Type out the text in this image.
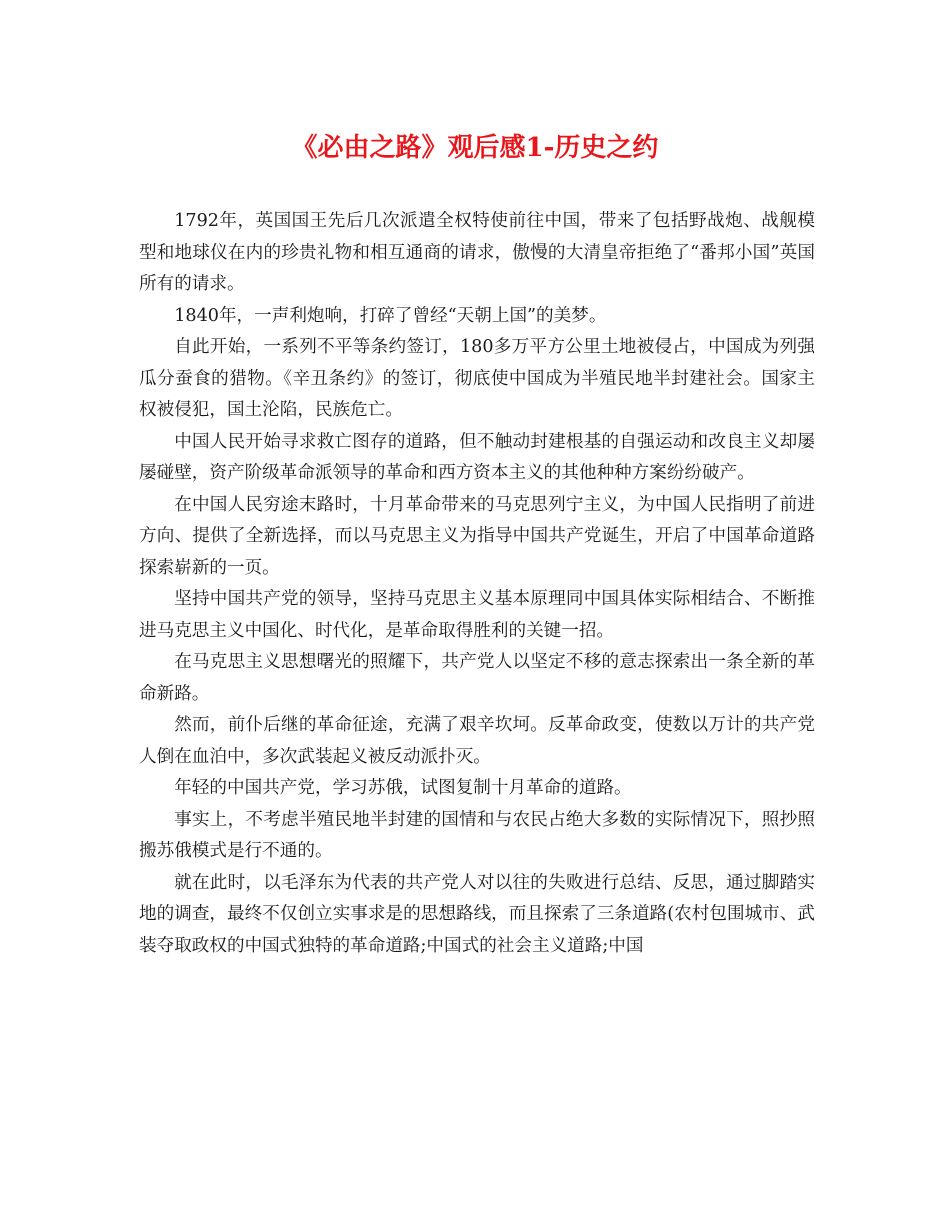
《必由之路》观后感1-历史之约

1792年，英国国王先后几次派遣全权特使前往中国，带来了包括野战炮、战舰模型和地球仪在内的珍贵礼物和相互通商的请求，傲慢的大清皇帝拒绝了“番邦小国”英国所有的请求。

1840年，一声利炮响，打碎了曾经“天朝上国”的美梦。

自此开始，一系列不平等条约签订，180多万平方公里土地被侵占，中国成为列强瓜分蚕食的猎物。《辛丑条约》的签订，彻底使中国成为半殖民地半封建社会。国家主权被侵犯，国土沦陷，民族危亡。

中国人民开始寻求救亡图存的道路，但不触动封建根基的自强运动和改良主义却屡屡碰壁，资产阶级革命派领导的革命和西方资本主义的其他种种方案纷纷破产。

在中国人民穷途末路时，十月革命带来的马克思列宁主义，为中国人民指明了前进方向、提供了全新选择，而以马克思主义为指导中国共产党诞生，开启了中国革命道路探索崭新的一页。

坚持中国共产党的领导，坚持马克思主义基本原理同中国具体实际相结合、不断推进马克思主义中国化、时代化，是革命取得胜利的关键一招。

在马克思主义思想曙光的照耀下，共产党人以坚定不移的意志探索出一条全新的革命新路。

然而，前仆后继的革命征途，充满了艰辛坎坷。反革命政变，使数以万计的共产党人倒在血泊中，多次武装起义被反动派扑灭。

年轻的中国共产党，学习苏俄，试图复制十月革命的道路。

事实上，不考虑半殖民地半封建的国情和与农民占绝大多数的实际情况下，照抄照搬苏俄模式是行不通的。

就在此时，以毛泽东为代表的共产党人对以往的失败进行总结、反思，通过脚踏实地的调查，最终不仅创立实事求是的思想路线，而且探索了三条道路(农村包围城市、武装夺取政权的中国式独特的革命道路;中国式的社会主义道路;中国
